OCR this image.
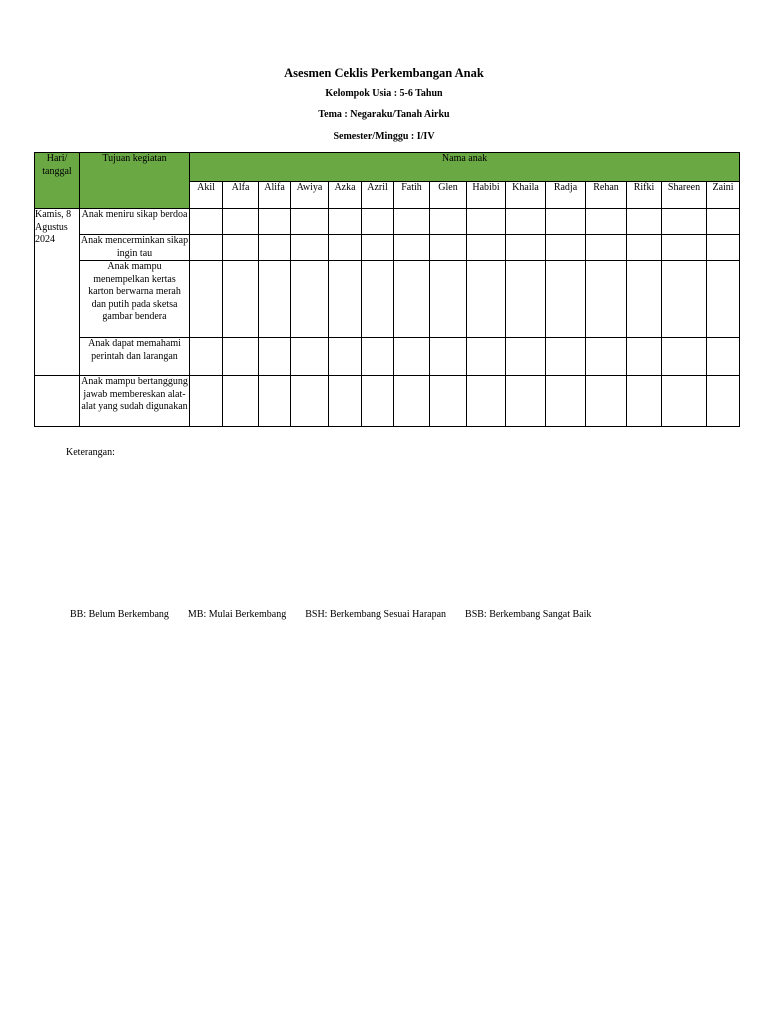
Asesmen Ceklis Perkembangan Anak
Kelompok Usia : 5-6 Tahun
Tema : Negaraku/Tanah Airku
Semester/Minggu : I/IV
Hari/ tanggal	Tujuan kegiatan	Nama anak														
		Akil	Alfa	Alifa	Awiya	Azka	Azril	Fatih	Glen	Habibi	Khaila	Radja	Rehan	Rifki	Shareen	Zaini
Kamis, 8 Agustus 2024	Anak meniru sikap berdoa															
	Anak mencerminkan sikap ingin tau															
	Anak mampu menempelkan kertas karton berwarna merah dan putih pada sketsa gambar bendera															
	Anak dapat memahami perintah dan larangan															
	Anak mampu bertanggung jawab membereskan alat-alat yang sudah digunakan															
Keterangan:
BB: Belum Berkembang MB: Mulai Berkembang BSH: Berkembang Sesuai Harapan BSB: Berkembang Sangat Baik
